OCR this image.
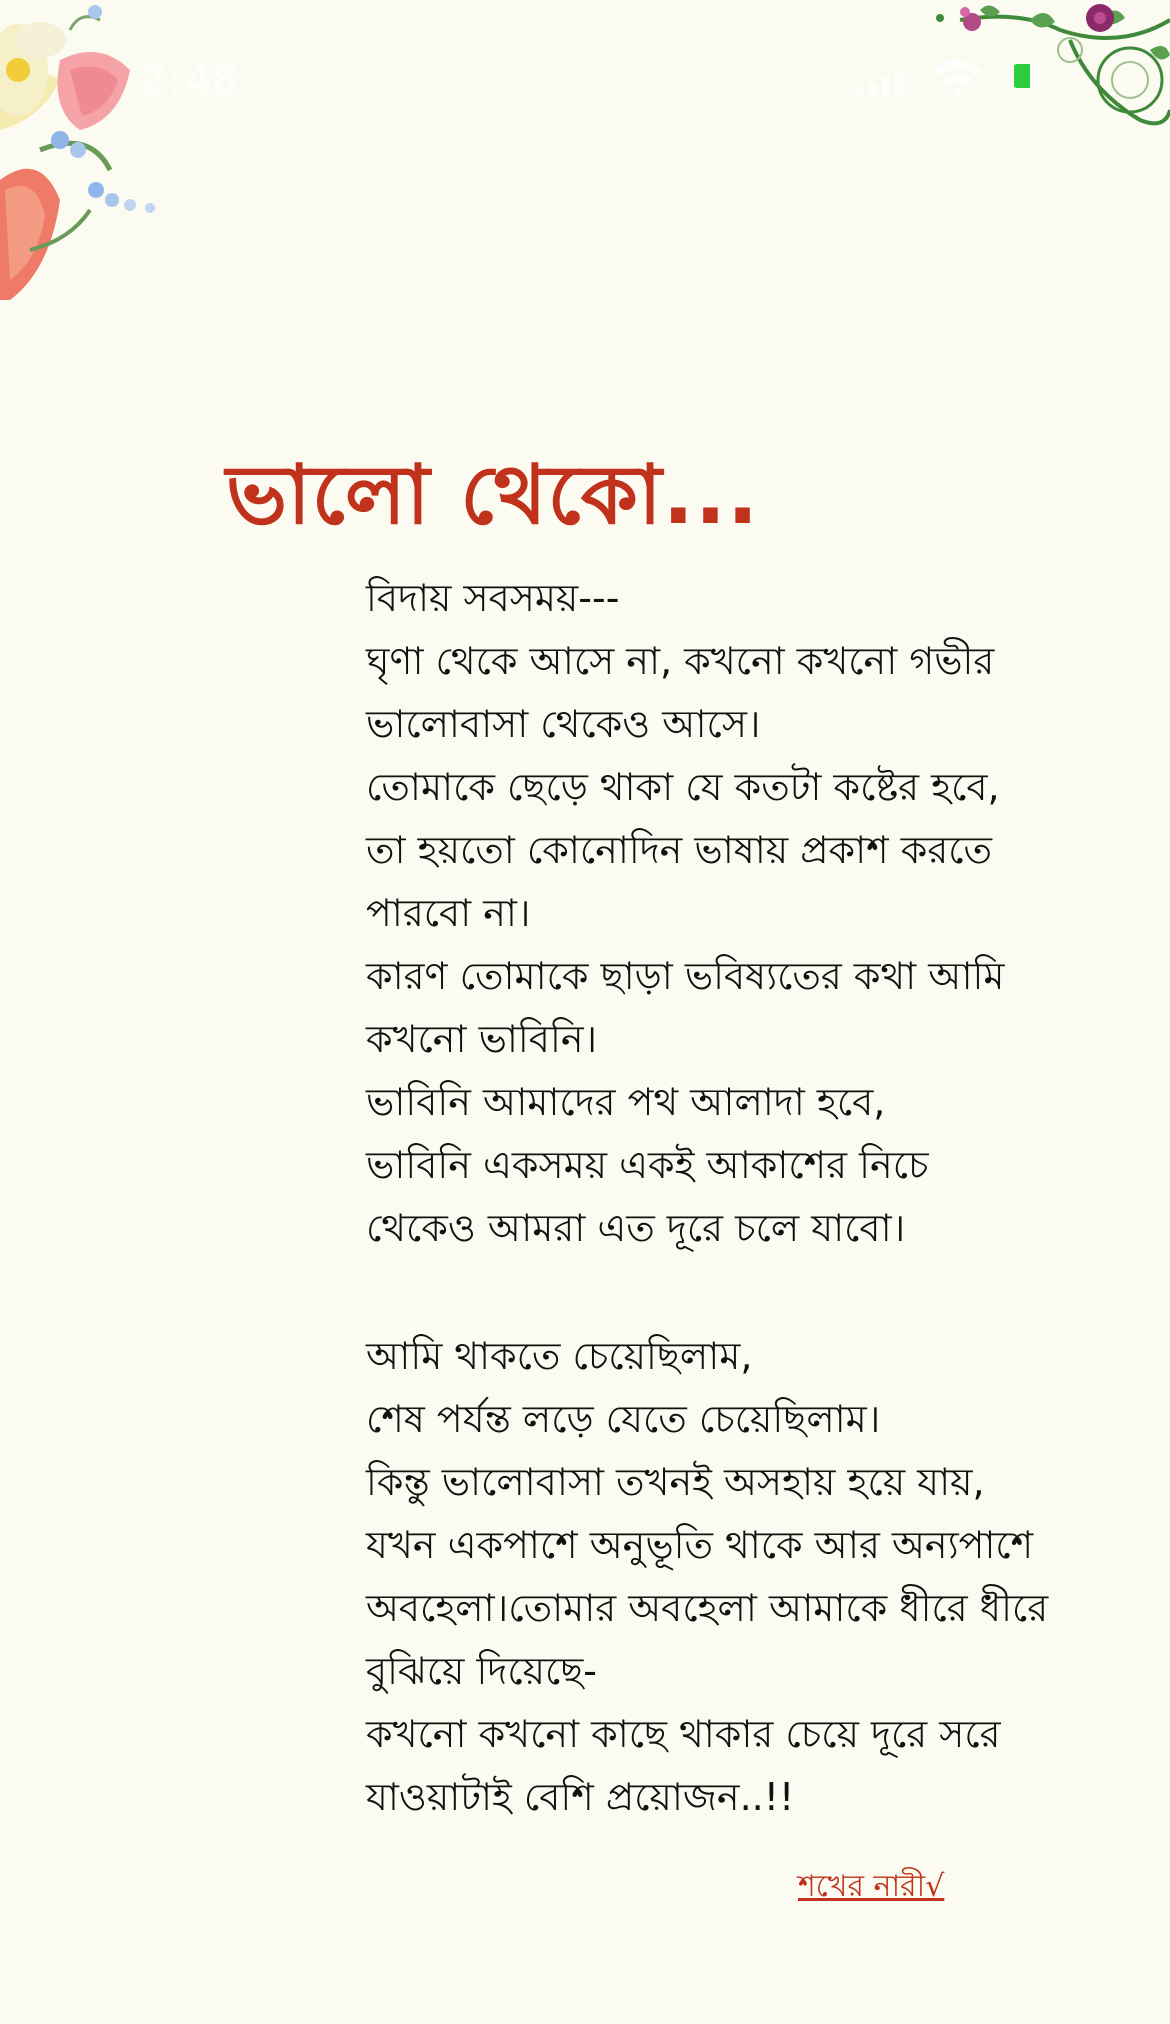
2:48
ভালো থেকো...
বিদায় সবসময়---
ঘৃণা থেকে আসে না, কখনো কখনো গভীর
ভালোবাসা থেকেও আসে।
তোমাকে ছেড়ে থাকা যে কতটা কষ্টের হবে,
তা হয়তো কোনোদিন ভাষায় প্রকাশ করতে
পারবো না।
কারণ তোমাকে ছাড়া ভবিষ্যতের কথা আমি
কখনো ভাবিনি।
ভাবিনি আমাদের পথ আলাদা হবে,
ভাবিনি একসময় একই আকাশের নিচে
থেকেও আমরা এত দূরে চলে যাবো।
আমি থাকতে চেয়েছিলাম,
শেষ পর্যন্ত লড়ে যেতে চেয়েছিলাম।
কিন্তু ভালোবাসা তখনই অসহায় হয়ে যায়,
যখন একপাশে অনুভূতি থাকে আর অন্যপাশে
অবহেলা।তোমার অবহেলা আমাকে ধীরে ধীরে
বুঝিয়ে দিয়েছে-
কখনো কখনো কাছে থাকার চেয়ে দূরে সরে
যাওয়াটাই বেশি প্রয়োজন..!!
শখের নারী√
